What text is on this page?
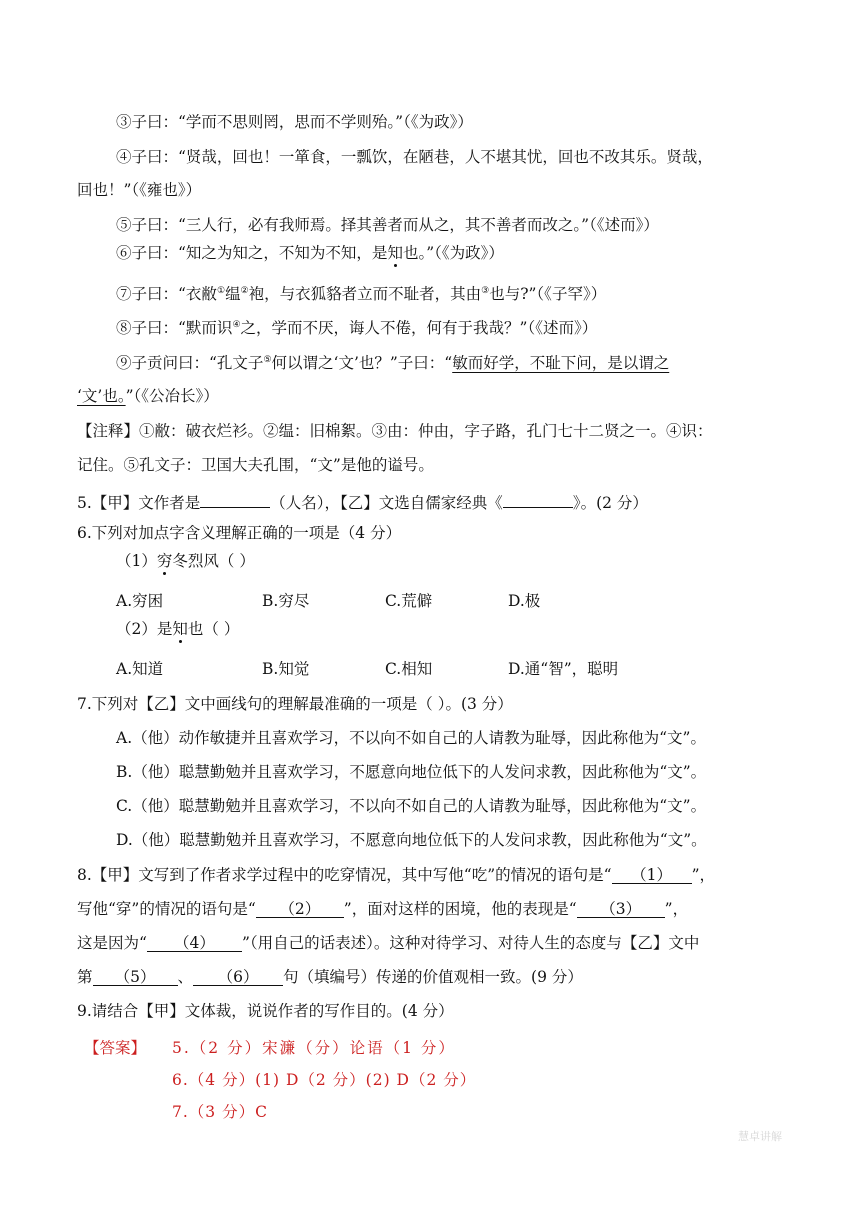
③子曰：“学而不思则罔，思而不学则殆。”（《为政》）
④子曰：“贤哉，回也！一箪食，一瓢饮，在陋巷，人不堪其忧，回也不改其乐。贤哉，
回也！”（《雍也》）
⑤子曰：“三人行，必有我师焉。择其善者而从之，其不善者而改之。”（《述而》）
⑥子曰：“知之为知之，不知为不知，是知也。”（《为政》）
⑦子曰：“衣敝①缊②袍，与衣狐貉者立而不耻者，其由③也与?”（《子罕》）
⑧子曰：“默而识④之，学而不厌，诲人不倦，何有于我哉？”（《述而》）
⑨子贡问曰：“孔文子⑤何以谓之‘文’也？”子曰：“敏而好学，不耻下问，是以谓之
‘文’也。”（《公冶长》）
【注释】①敝：破衣烂衫。②缊：旧棉絮。③由：仲由，字子路，孔门七十二贤之一。④识：
记住。⑤孔文子：卫国大夫孔围，“文”是他的谥号。
5.【甲】文作者是	（人名），【乙】文选自儒家经典《	》。(2 分）
6.下列对加点字含义理解正确的一项是（4 分）
（1）穷冬烈风（ ）
A.穷困	B.穷尽	C.荒僻	D.极
（2）是知也（ ）
A.知道	B.知觉	C.相知	D.通“智”，聪明
7.下列对【乙】文中画线句的理解最准确的一项是（ ）。(3 分）
A.（他）动作敏捷并且喜欢学习，不以向不如自己的人请教为耻辱，因此称他为“文”。
B.（他）聪慧勤勉并且喜欢学习，不愿意向地位低下的人发问求教，因此称他为“文”。
C.（他）聪慧勤勉并且喜欢学习，不以向不如自己的人请教为耻辱，因此称他为“文”。
D.（他）聪慧勤勉并且喜欢学习，不愿意向地位低下的人发问求教，因此称他为“文”。
8.【甲】文写到了作者求学过程中的吃穿情况，其中写他“吃”的情况的语句是“ （1） ”，
写他“穿”的情况的语句是“ （2） ”，面对这样的困境，他的表现是“ （3） ”，
这是因为“ （4） ”（用自己的话表述）。这种对待学习、对待人生的态度与【乙】文中
第 （5） 、 （6） 句（填编号）传递的价值观相一致。(9 分）
9.请结合【甲】文体裁，说说作者的写作目的。(4 分）
【答案】 5.（2 分）宋濂（分）论语（1 分）
6.（4 分）(1) D（2 分）(2) D（2 分）
7.（3 分）C
慧卓讲解
